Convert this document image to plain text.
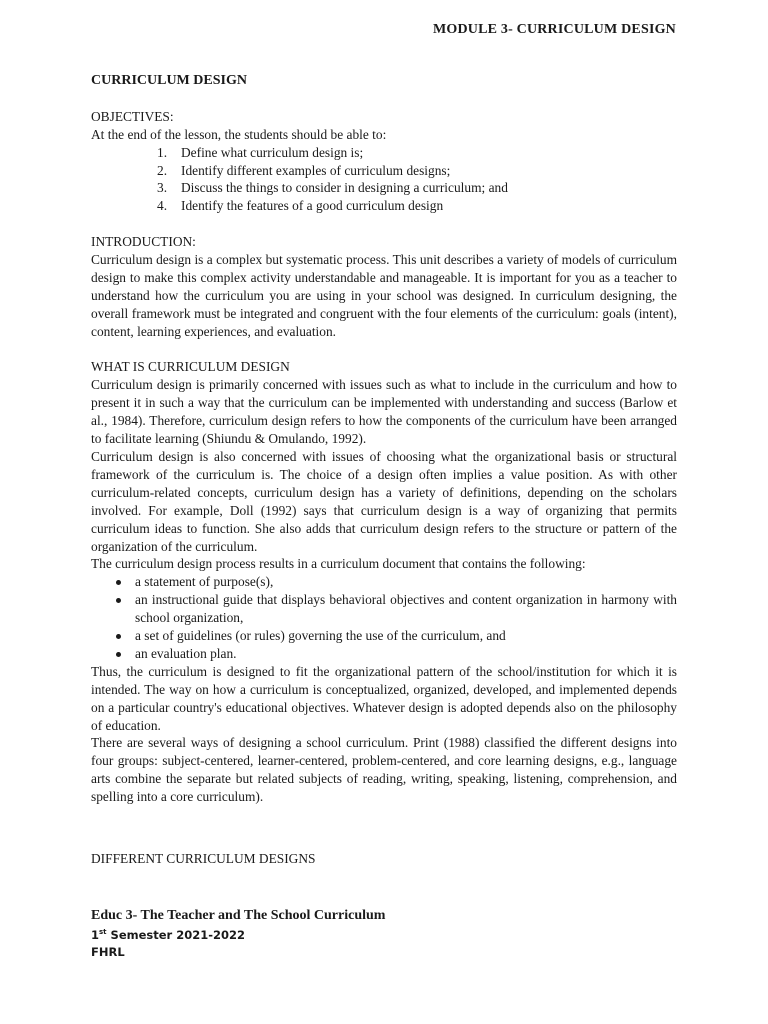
MODULE 3- CURRICULUM DESIGN

CURRICULUM DESIGN

OBJECTIVES:

At the end of the lesson, the students should be able to:

1. Define what curriculum design is;
2. Identify different examples of curriculum designs;
3. Discuss the things to consider in designing a curriculum; and
4. Identify the features of a good curriculum design

INTRODUCTION:

Curriculum design is a complex but systematic process. This unit describes a variety of models of curriculum design to make this complex activity understandable and manageable. It is important for you as a teacher to understand how the curriculum you are using in your school was designed. In curriculum designing, the overall framework must be integrated and congruent with the four elements of the curriculum: goals (intent), content, learning experiences, and evaluation.

WHAT IS CURRICULUM DESIGN

Curriculum design is primarily concerned with issues such as what to include in the curriculum and how to present it in such a way that the curriculum can be implemented with understanding and success (Barlow et al., 1984). Therefore, curriculum design refers to how the components of the curriculum have been arranged to facilitate learning (Shiundu & Omulando, 1992).

Curriculum design is also concerned with issues of choosing what the organizational basis or structural framework of the curriculum is. The choice of a design often implies a value position. As with other curriculum-related concepts, curriculum design has a variety of definitions, depending on the scholars involved. For example, Doll (1992) says that curriculum design is a way of organizing that permits curriculum ideas to function. She also adds that curriculum design refers to the structure or pattern of the organization of the curriculum.

The curriculum design process results in a curriculum document that contains the following:

a statement of purpose(s),
an instructional guide that displays behavioral objectives and content organization in harmony with school organization,
a set of guidelines (or rules) governing the use of the curriculum, and
an evaluation plan.

Thus, the curriculum is designed to fit the organizational pattern of the school/institution for which it is intended. The way on how a curriculum is conceptualized, organized, developed, and implemented depends on a particular country's educational objectives. Whatever design is adopted depends also on the philosophy of education.

There are several ways of designing a school curriculum. Print (1988) classified the different designs into four groups: subject-centered, learner-centered, problem-centered, and core learning designs, e.g., language arts combine the separate but related subjects of reading, writing, speaking, listening, comprehension, and spelling into a core curriculum).

DIFFERENT CURRICULUM DESIGNS

Educ 3- The Teacher and The School Curriculum
1st Semester 2021-2022
FHRL
